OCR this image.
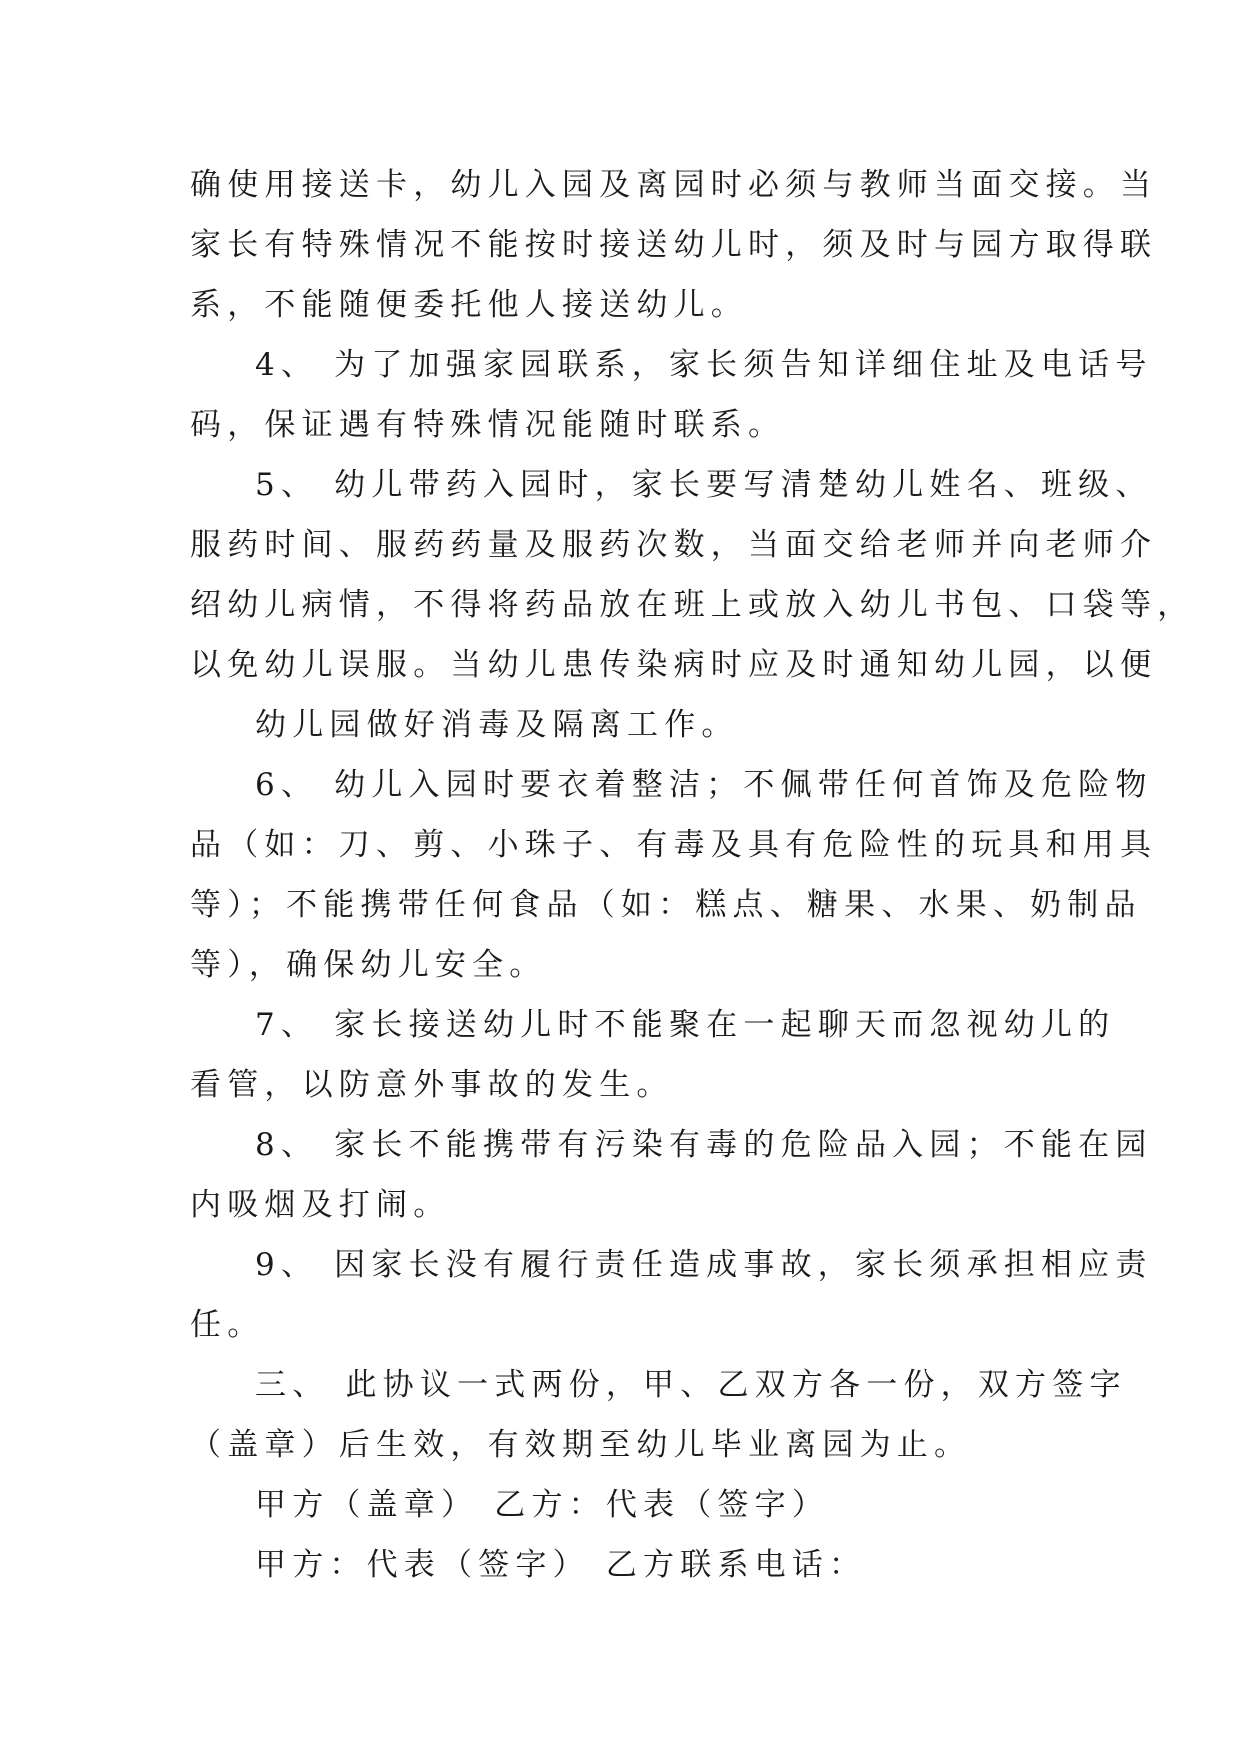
确使用接送卡，幼儿入园及离园时必须与教师当面交接。当
家长有特殊情况不能按时接送幼儿时，须及时与园方取得联
系，不能随便委托他人接送幼儿。
4、 为了加强家园联系，家长须告知详细住址及电话号
码，保证遇有特殊情况能随时联系。
5、 幼儿带药入园时，家长要写清楚幼儿姓名、班级、
服药时间、服药药量及服药次数，当面交给老师并向老师介
绍幼儿病情，不得将药品放在班上或放入幼儿书包、口袋等，
以免幼儿误服。当幼儿患传染病时应及时通知幼儿园，以便
幼儿园做好消毒及隔离工作。
6、 幼儿入园时要衣着整洁；不佩带任何首饰及危险物
品（如：刀、剪、小珠子、有毒及具有危险性的玩具和用具
等）；不能携带任何食品（如：糕点、糖果、水果、奶制品
等），确保幼儿安全。
7、 家长接送幼儿时不能聚在一起聊天而忽视幼儿的
看管，以防意外事故的发生。
8、 家长不能携带有污染有毒的危险品入园；不能在园
内吸烟及打闹。
9、 因家长没有履行责任造成事故，家长须承担相应责
任。
三、 此协议一式两份，甲、乙双方各一份，双方签字
（盖章）后生效，有效期至幼儿毕业离园为止。
甲方（盖章） 乙方：代表（签字）
甲方：代表（签字） 乙方联系电话：
